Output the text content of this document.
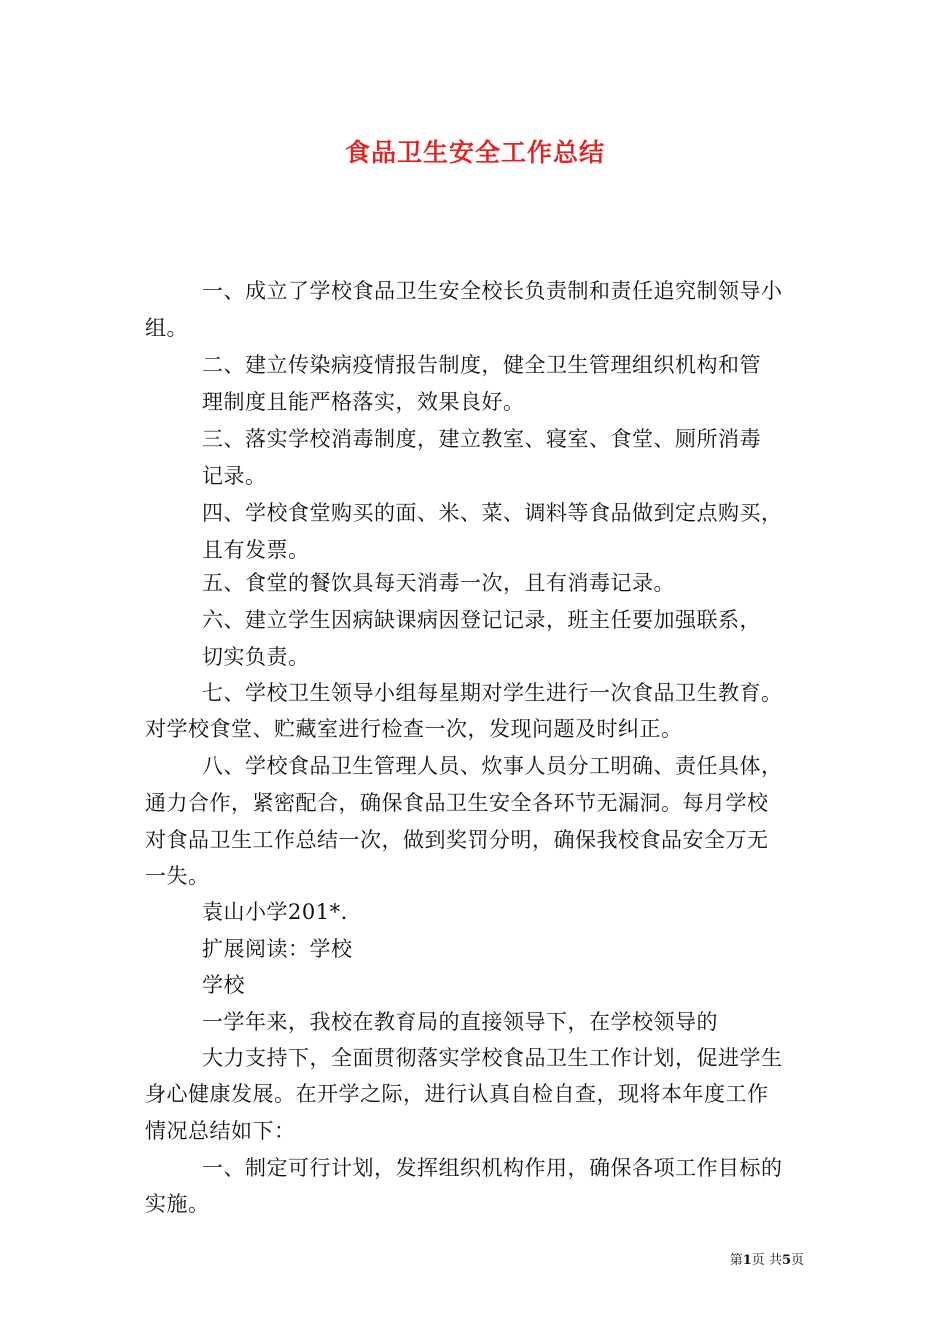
食品卫生安全工作总结
一、成立了学校食品卫生安全校长负责制和责任追究制领导小
组。
二、建立传染病疫情报告制度，健全卫生管理组织机构和管
理制度且能严格落实，效果良好。
三、落实学校消毒制度，建立教室、寝室、食堂、厕所消毒
记录。
四、学校食堂购买的面、米、菜、调料等食品做到定点购买，
且有发票。
五、食堂的餐饮具每天消毒一次，且有消毒记录。
六、建立学生因病缺课病因登记记录，班主任要加强联系，
切实负责。
七、学校卫生领导小组每星期对学生进行一次食品卫生教育。
对学校食堂、贮藏室进行检查一次，发现问题及时纠正。
八、学校食品卫生管理人员、炊事人员分工明确、责任具体，
通力合作，紧密配合，确保食品卫生安全各环节无漏洞。每月学校
对食品卫生工作总结一次，做到奖罚分明，确保我校食品安全万无
一失。
袁山小学201*.
扩展阅读：学校
学校
一学年来，我校在教育局的直接领导下，在学校领导的
大力支持下，全面贯彻落实学校食品卫生工作计划，促进学生
身心健康发展。在开学之际，进行认真自检自查，现将本年度工作
情况总结如下：
一、制定可行计划，发挥组织机构作用，确保各项工作目标的
实施。
第1页 共5页
